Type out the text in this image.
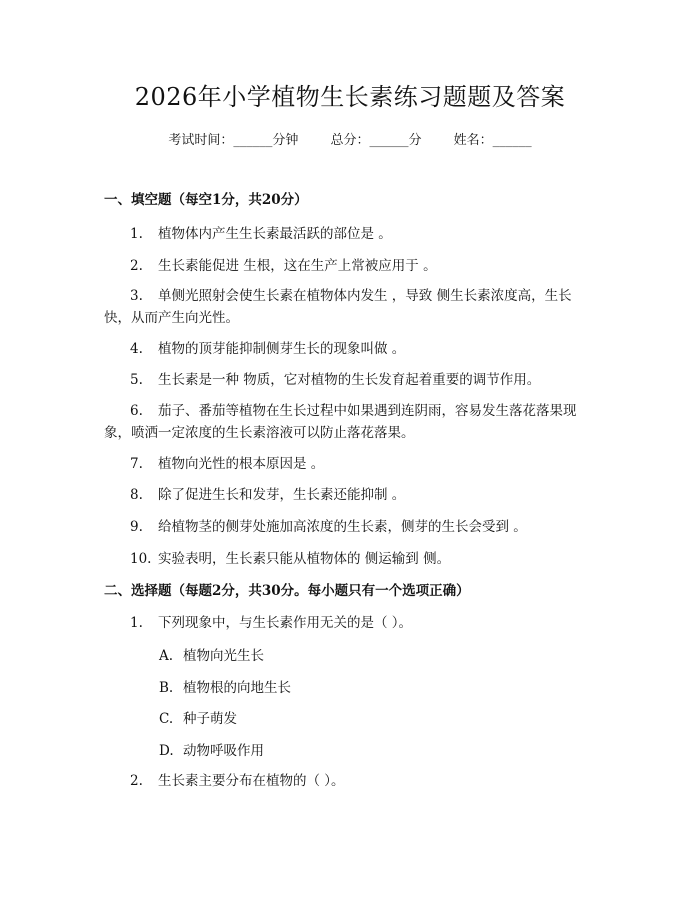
2026年小学植物生长素练习题题及答案
考试时间：______分钟 总分：______分 姓名：______
一、填空题（每空1分，共20分）
1. 植物体内产生生长素最活跃的部位是 。
2. 生长素能促进 生根，这在生产上常被应用于 。
3. 单侧光照射会使生长素在植物体内发生 ，导致 侧生长素浓度高，生长快，从而产生向光性。
4. 植物的顶芽能抑制侧芽生长的现象叫做 。
5. 生长素是一种 物质，它对植物的生长发育起着重要的调节作用。
6. 茄子、番茄等植物在生长过程中如果遇到连阴雨，容易发生落花落果现象，喷洒一定浓度的生长素溶液可以防止落花落果。
7. 植物向光性的根本原因是 。
8. 除了促进生长和发芽，生长素还能抑制 。
9. 给植物茎的侧芽处施加高浓度的生长素，侧芽的生长会受到 。
10. 实验表明，生长素只能从植物体的 侧运输到 侧。
二、选择题（每题2分，共30分。每小题只有一个选项正确）
1. 下列现象中，与生长素作用无关的是（ ）。
A. 植物向光生长
B. 植物根的向地生长
C. 种子萌发
D. 动物呼吸作用
2. 生长素主要分布在植物的（ ）。
